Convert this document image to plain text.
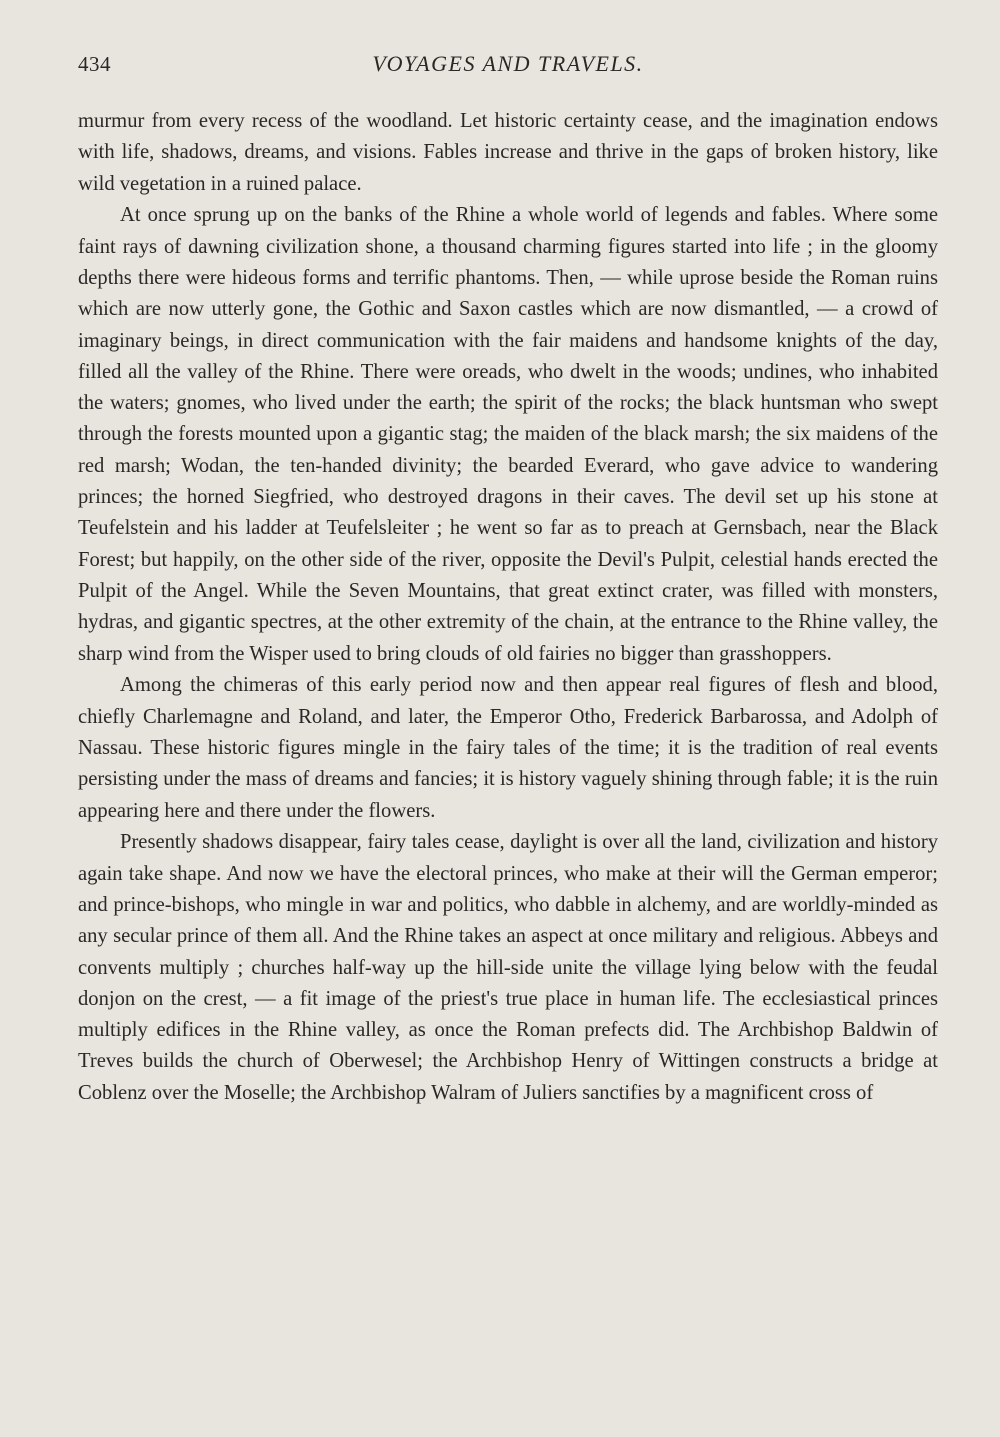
434	VOYAGES AND TRAVELS.

murmur from every recess of the woodland. Let historic certainty cease, and the imagination endows with life, shadows, dreams, and visions. Fables increase and thrive in the gaps of broken history, like wild vegetation in a ruined palace.

At once sprung up on the banks of the Rhine a whole world of legends and fables. Where some faint rays of dawning civilization shone, a thousand charming figures started into life ; in the gloomy depths there were hideous forms and terrific phantoms. Then, — while uprose beside the Roman ruins which are now utterly gone, the Gothic and Saxon castles which are now dismantled, — a crowd of imaginary beings, in direct communication with the fair maidens and handsome knights of the day, filled all the valley of the Rhine. There were oreads, who dwelt in the woods; undines, who inhabited the waters; gnomes, who lived under the earth; the spirit of the rocks; the black huntsman who swept through the forests mounted upon a gigantic stag; the maiden of the black marsh; the six maidens of the red marsh; Wodan, the ten-handed divinity; the bearded Everard, who gave advice to wandering princes; the horned Siegfried, who destroyed dragons in their caves. The devil set up his stone at Teufelstein and his ladder at Teufelsleiter ; he went so far as to preach at Gernsbach, near the Black Forest; but happily, on the other side of the river, opposite the Devil's Pulpit, celestial hands erected the Pulpit of the Angel. While the Seven Mountains, that great extinct crater, was filled with monsters, hydras, and gigantic spectres, at the other extremity of the chain, at the entrance to the Rhine valley, the sharp wind from the Wisper used to bring clouds of old fairies no bigger than grasshoppers.

Among the chimeras of this early period now and then appear real figures of flesh and blood, chiefly Charlemagne and Roland, and later, the Emperor Otho, Frederick Barbarossa, and Adolph of Nassau. These historic figures mingle in the fairy tales of the time; it is the tradition of real events persisting under the mass of dreams and fancies; it is history vaguely shining through fable; it is the ruin appearing here and there under the flowers.

Presently shadows disappear, fairy tales cease, daylight is over all the land, civilization and history again take shape. And now we have the electoral princes, who make at their will the German emperor; and prince-bishops, who mingle in war and politics, who dabble in alchemy, and are worldly-minded as any secular prince of them all. And the Rhine takes an aspect at once military and religious. Abbeys and convents multiply ; churches half-way up the hill-side unite the village lying below with the feudal donjon on the crest, — a fit image of the priest's true place in human life. The ecclesiastical princes multiply edifices in the Rhine valley, as once the Roman prefects did. The Archbishop Baldwin of Treves builds the church of Oberwesel; the Archbishop Henry of Wittingen constructs a bridge at Coblenz over the Moselle; the Archbishop Walram of Juliers sanctifies by a magnificent cross of
